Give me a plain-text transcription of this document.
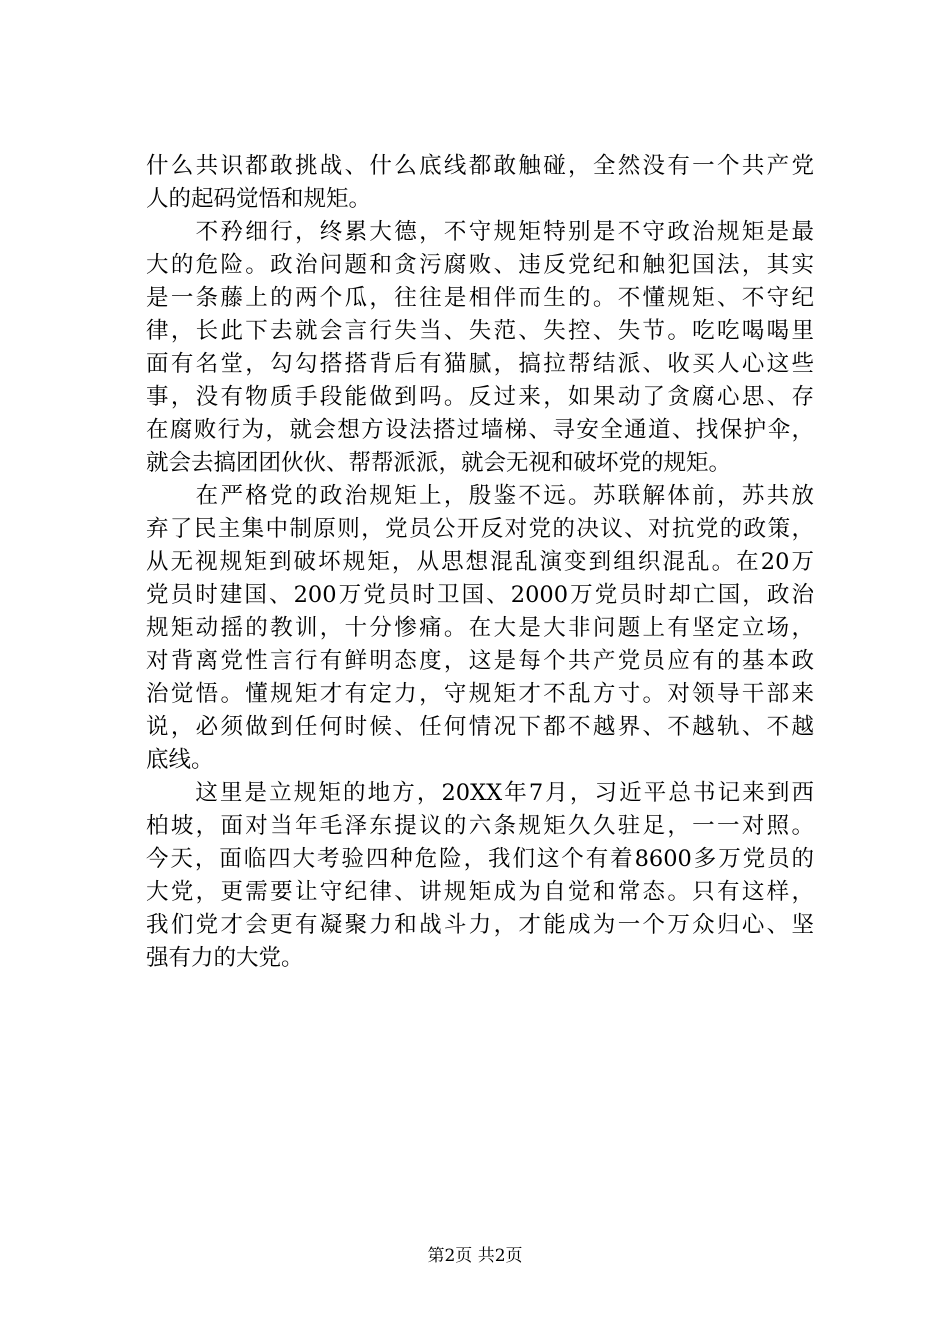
什么共识都敢挑战、什么底线都敢触碰，全然没有一个共产党
人的起码觉悟和规矩。
　　不矜细行，终累大德，不守规矩特别是不守政治规矩是最
大的危险。政治问题和贪污腐败、违反党纪和触犯国法，其实
是一条藤上的两个瓜，往往是相伴而生的。不懂规矩、不守纪
律，长此下去就会言行失当、失范、失控、失节。吃吃喝喝里
面有名堂，勾勾搭搭背后有猫腻，搞拉帮结派、收买人心这些
事，没有物质手段能做到吗。反过来，如果动了贪腐心思、存
在腐败行为，就会想方设法搭过墙梯、寻安全通道、找保护伞，
就会去搞团团伙伙、帮帮派派，就会无视和破坏党的规矩。
　　在严格党的政治规矩上，殷鉴不远。苏联解体前，苏共放
弃了民主集中制原则，党员公开反对党的决议、对抗党的政策，
从无视规矩到破坏规矩，从思想混乱演变到组织混乱。在20万
党员时建国、200万党员时卫国、2000万党员时却亡国，政治
规矩动摇的教训，十分惨痛。在大是大非问题上有坚定立场，
对背离党性言行有鲜明态度，这是每个共产党员应有的基本政
治觉悟。懂规矩才有定力，守规矩才不乱方寸。对领导干部来
说，必须做到任何时候、任何情况下都不越界、不越轨、不越
底线。
　　这里是立规矩的地方，20XX年7月，习近平总书记来到西
柏坡，面对当年毛泽东提议的六条规矩久久驻足，一一对照。
今天，面临四大考验四种危险，我们这个有着8600多万党员的
大党，更需要让守纪律、讲规矩成为自觉和常态。只有这样，
我们党才会更有凝聚力和战斗力，才能成为一个万众归心、坚
强有力的大党。
第2页 共2页
